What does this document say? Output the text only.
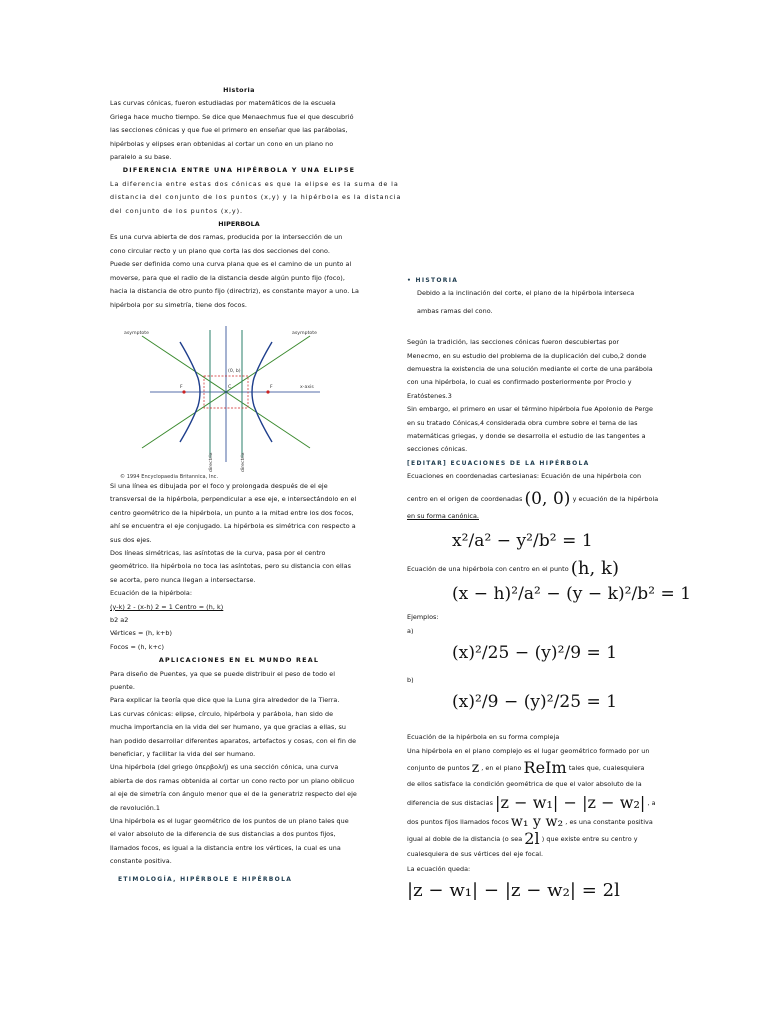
Historia
Las curvas cónicas, fueron estudiadas por matemáticos de la escuela
Griega hace mucho tiempo. Se dice que Menaechmus fue el que descubrió
las secciones cónicas y que fue el primero en enseñar que las parábolas,
hipérbolas y elipses eran obtenidas al cortar un cono en un plano no
paralelo a su base.
DIFERENCIA ENTRE UNA HIPÉRBOLA Y UNA ELIPSE
La diferencia entre estas dos cónicas es que la elipse es la suma de la
distancia del conjunto de los puntos (x,y) y la hipérbola es la distancia
del conjunto de los puntos (x,y).
HIPERBOLA
Es una curva abierta de dos ramas, producida por la intersección de un
cono circular recto y un plano que corta las dos secciones del cono.
Puede ser definida como una curva plana que es el camino de un punto al
moverse, para que el radio de la distancia desde algún punto fijo (foco),
hacia la distancia de otro punto fijo (directriz), es constante mayor a uno. La
hipérbola por su simetría, tiene dos focos.
asymptote	asymptote
x-axis
(0, b)
F	F
C
directrix	directrix
© 1994 Encyclopaedia Britannica, Inc.
Si una línea es dibujada por el foco y prolongada después de el eje
transversal de la hipérbola, perpendicular a ese eje, e intersectándolo en el
centro geométrico de la hipérbola, un punto a la mitad entre los dos focos,
ahí se encuentra el eje conjugado. La hipérbola es simétrica con respecto a
sus dos ejes.
Dos líneas simétricas, las asíntotas de la curva, pasa por el centro
geométrico. Ila hipérbola no toca las asíntotas, pero su distancia con ellas
se acorta, pero nunca llegan a intersectarse.
Ecuación de la hipérbola:
(y-k) 2 - (x-h) 2 = 1 Centro = (h, k)
b2 a2
Vértices = (h, k+b)
Focos = (h, k+c)
APLICACIONES EN EL MUNDO REAL
Para diseño de Puentes, ya que se puede distribuir el peso de todo el
puente.
Para explicar la teoría que dice que la Luna gira alrededor de la Tierra.
Las curvas cónicas: elipse, círculo, hipérbola y parábola, han sido de
mucha importancia en la vida del ser humano, ya que gracias a ellas, su
han podido desarrollar diferentes aparatos, artefactos y cosas, con el fin de
beneficiar, y facilitar la vida del ser humano.
Una hipérbola (del griego ὑπερβολή) es una sección cónica, una curva
abierta de dos ramas obtenida al cortar un cono recto por un plano oblicuo
al eje de simetría con ángulo menor que el de la generatriz respecto del eje
de revolución.1
Una hipérbola es el lugar geométrico de los puntos de un plano tales que
el valor absoluto de la diferencia de sus distancias a dos puntos fijos,
llamados focos, es igual a la distancia entre los vértices, la cual es una
constante positiva.
ETIMOLOGÍA, HIPÉRBOLE E HIPÉRBOLA
• HISTORIA
Debido a la inclinación del corte, el plano de la hipérbola interseca
ambas ramas del cono.
Según la tradición, las secciones cónicas fueron descubiertas por
Menecmo, en su estudio del problema de la duplicación del cubo,2 donde
demuestra la existencia de una solución mediante el corte de una parábola
con una hipérbola, lo cual es confirmado posteriormente por Proclo y
Eratóstenes.3
Sin embargo, el primero en usar el término hipérbola fue Apolonio de Perge
en su tratado Cónicas,4 considerada obra cumbre sobre el tema de las
matemáticas griegas, y donde se desarrolla el estudio de las tangentes a
secciones cónicas.
[EDITAR] ECUACIONES DE LA HIPÉRBOLA
Ecuaciones en coordenadas cartesianas: Ecuación de una hipérbola con
centro en el origen de coordenadas (0, 0) y ecuación de la hipérbola
en su forma canónica.
x²/a² − y²/b² = 1
Ecuación de una hipérbola con centro en el punto (h, k)
(x − h)²/a² − (y − k)²/b² = 1
Ejemplos:
a)
(x)²/25 − (y)²/9 = 1
b)
(x)²/9 − (y)²/25 = 1
Ecuación de la hipérbola en su forma compleja
Una hipérbola en el plano complejo es el lugar geométrico formado por un
conjunto de puntos z , en el plano ReIm tales que, cualesquiera
de ellos satisface la condición geométrica de que el valor absoluto de la
diferencia de sus distacias |z − w₁| − |z − w₂| , a
dos puntos fijos llamados focos w₁ y w₂ , es una constante positiva
igual al doble de la distancia (o sea 2l ) que existe entre su centro y
cualesquiera de sus vértices del eje focal.
La ecuación queda:
|z − w₁| − |z − w₂| = 2l
